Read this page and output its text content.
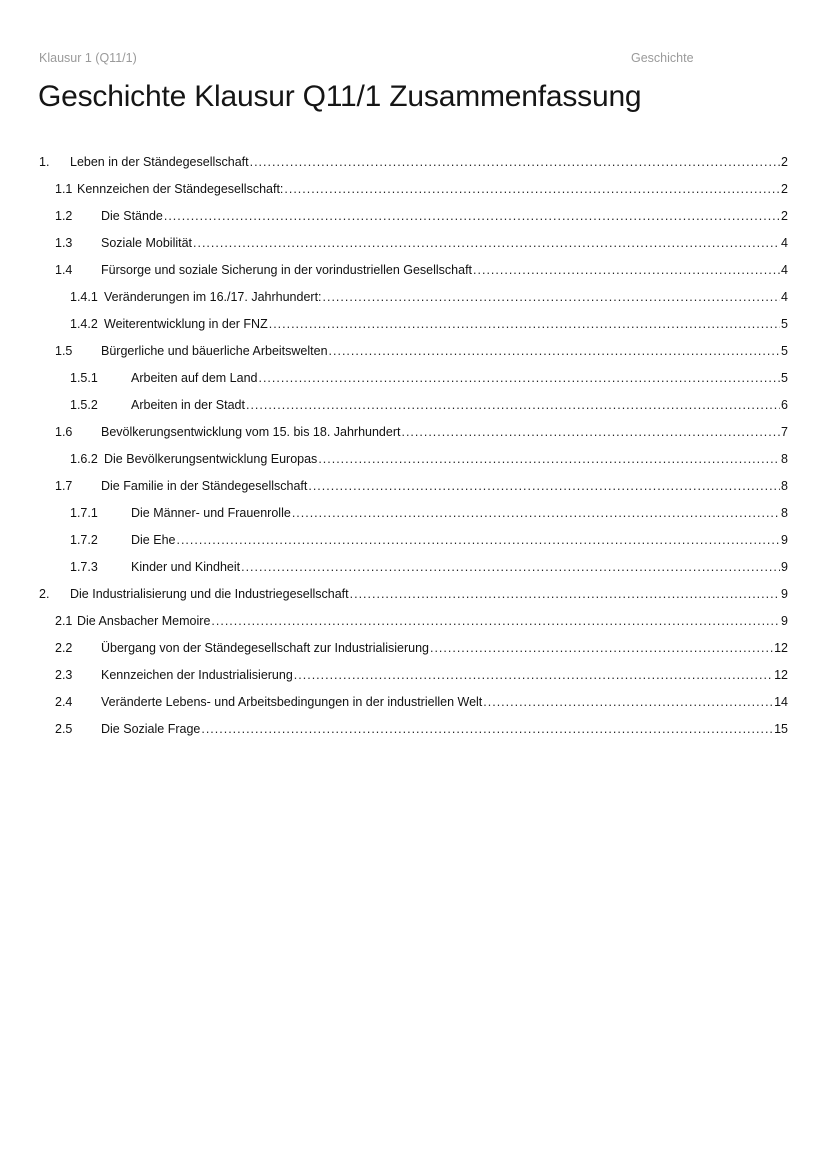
Klausur 1 (Q11/1)	Geschichte
Geschichte Klausur Q11/1 Zusammenfassung
1.	Leben in der Ständegesellschaft .....	2
1.1 Kennzeichen der Ständegesellschaft: .....	2
1.2	Die Stände .....	2
1.3	Soziale Mobilität .....	4
1.4	Fürsorge und soziale Sicherung in der vorindustriellen Gesellschaft .....	4
1.4.1 Veränderungen im 16./17. Jahrhundert: .....	4
1.4.2 Weiterentwicklung in der FNZ .....	5
1.5	Bürgerliche und bäuerliche Arbeitswelten .....	5
1.5.1	Arbeiten auf dem Land .....	5
1.5.2	Arbeiten in der Stadt .....	6
1.6	Bevölkerungsentwicklung vom 15. bis 18. Jahrhundert .....	7
1.6.2 Die Bevölkerungsentwicklung Europas .....	8
1.7	Die Familie in der Ständegesellschaft .....	8
1.7.1	Die Männer- und Frauenrolle .....	8
1.7.2	Die Ehe .....	9
1.7.3	Kinder und Kindheit .....	9
2.	Die Industrialisierung und die Industriegesellschaft .....	9
2.1 Die Ansbacher Memoire .....	9
2.2	Übergang von der Ständegesellschaft zur Industrialisierung .....	12
2.3	Kennzeichen der Industrialisierung .....	12
2.4	Veränderte Lebens- und Arbeitsbedingungen in der industriellen Welt .....	14
2.5	Die Soziale Frage .....	15
